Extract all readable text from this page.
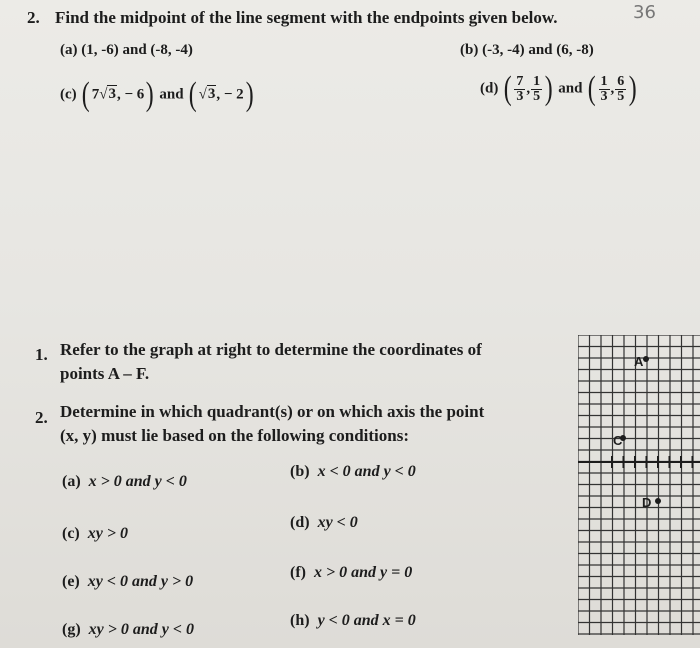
2. Find the midpoint of the line segment with the endpoints given below.	36
(a) (1, -6) and (-8, -4)	(b) (-3, -4) and (6, -8)
(c) ( 7√3, − 6) and ( √3, − 2)	(d) ( $\frac{7}{3}$ , $\frac{1}{5}$ ) and ( $\frac{1}{3}$ , $\frac{6}{5}$ )
1. Refer to the graph at right to determine the coordinates of
points A – F.
2. Determine in which quadrant(s) or on which axis the point
(x, y) must lie based on the following conditions:
(a) x > 0 and y < 0
(b) x < 0 and y < 0
(c) xy > 0
(d) xy < 0
(e) xy < 0 and y > 0
(f) x > 0 and y = 0
(g) xy > 0 and y < 0
(h) y < 0 and x = 0
A
C
D
